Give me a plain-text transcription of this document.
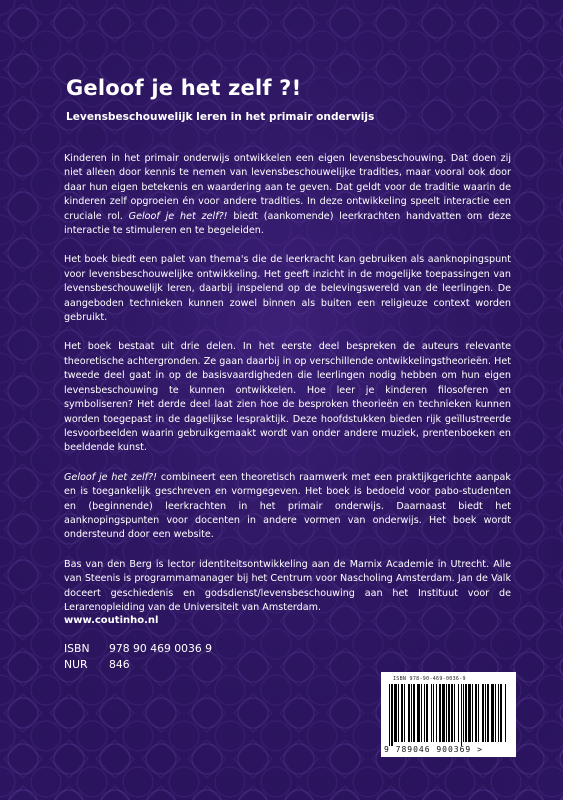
Geloof je het zelf ?!
Levensbeschouwelijk leren in het primair onderwijs

Kinderen in het primair onderwijs ontwikkelen een eigen levensbeschouwing. Dat doen zij niet alleen door kennis te nemen van levensbeschouwelijke tradities, maar vooral ook door daar hun eigen betekenis en waardering aan te geven. Dat geldt voor de traditie waarin de kinderen zelf opgroeien én voor andere tradities. In deze ontwikkeling speelt interactie een cruciale rol. Geloof je het zelf?! biedt (aankomende) leerkrachten handvatten om deze interactie te stimuleren en te begeleiden.

Het boek biedt een palet van thema's die de leerkracht kan gebruiken als aanknopingspunt voor levensbeschouwelijke ontwikkeling. Het geeft inzicht in de mogelijke toepassingen van levensbeschouwelijk leren, daarbij inspelend op de belevingswereld van de leerlingen. De aangeboden technieken kunnen zowel binnen als buiten een religieuze context worden gebruikt.

Het boek bestaat uit drie delen. In het eerste deel bespreken de auteurs relevante theoretische achtergronden. Ze gaan daarbij in op verschillende ontwikkelingstheorieën. Het tweede deel gaat in op de basisvaardigheden die leerlingen nodig hebben om hun eigen levensbeschouwing te kunnen ontwikkelen. Hoe leer je kinderen filosoferen en symboliseren? Het derde deel laat zien hoe de besproken theorieën en technieken kunnen worden toegepast in de dagelijkse lespraktijk. Deze hoofdstukken bieden rijk geïllustreerde lesvoorbeelden waarin gebruikgemaakt wordt van onder andere muziek, prentenboeken en beeldende kunst.

Geloof je het zelf?! combineert een theoretisch raamwerk met een praktijkgerichte aanpak en is toegankelijk geschreven en vormgegeven. Het boek is bedoeld voor pabo-studenten en (beginnende) leerkrachten in het primair onderwijs. Daarnaast biedt het aanknopingspunten voor docenten in andere vormen van onderwijs. Het boek wordt ondersteund door een website.

Bas van den Berg is lector identiteitsontwikkeling aan de Marnix Academie in Utrecht. Alle van Steenis is programmamanager bij het Centrum voor Nascholing Amsterdam. Jan de Valk doceert geschiedenis en godsdienst/levensbeschouwing aan het Instituut voor de Lerarenopleiding van de Universiteit van Amsterdam.

www.coutinho.nl
ISBN	978 90 469 0036 9
NUR	846
ISBN 978-90-469-0036-9
9 789046 900369 >
